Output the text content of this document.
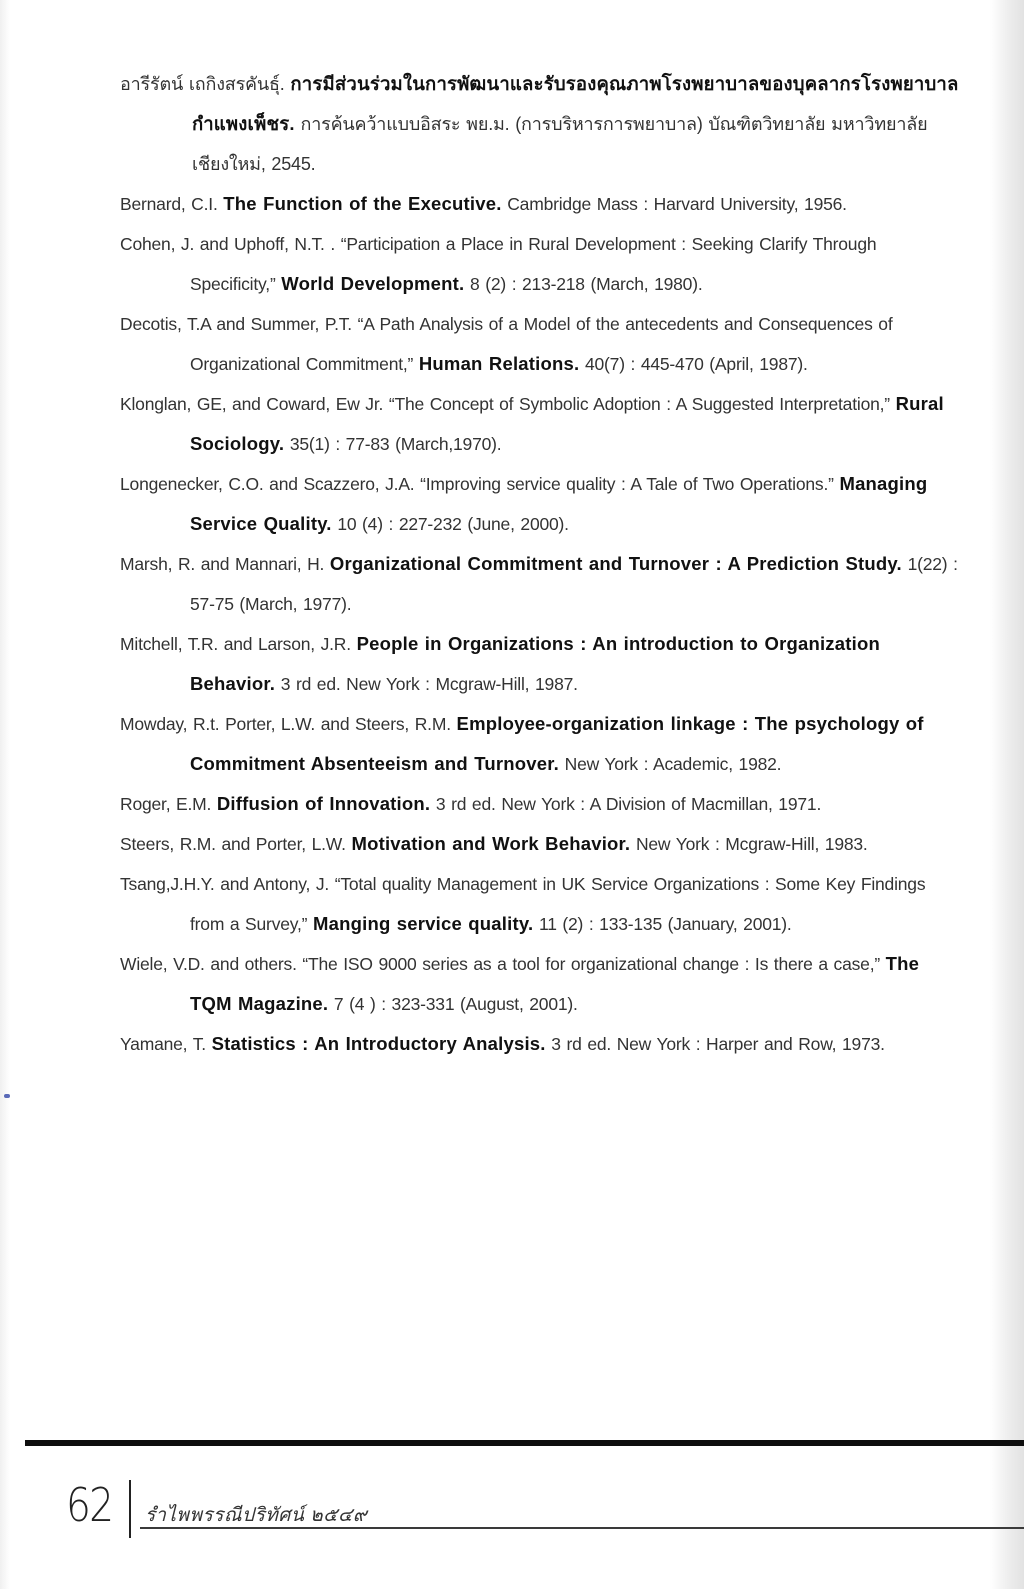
อารีรัตน์ เถกิงสรคันธุ์. การมีส่วนร่วมในการพัฒนาและรับรองคุณภาพโรงพยาบาลของบุคลากรโรงพยาบาลกำแพงเพ็ชร. การค้นคว้าแบบอิสระ พย.ม. (การบริหารการพยาบาล) บัณฑิตวิทยาลัย มหาวิทยาลัยเชียงใหม่, 2545.
Bernard, C.I. The Function of the Executive. Cambridge Mass : Harvard University, 1956.
Cohen, J. and Uphoff, N.T. . “Participation a Place in Rural Development : Seeking Clarify Through Specificity,” World Development. 8 (2) : 213-218 (March, 1980).
Decotis, T.A and Summer, P.T. “A Path Analysis of a Model of the antecedents and Consequences of Organizational Commitment,” Human Relations. 40(7) : 445-470 (April, 1987).
Klonglan, GE, and Coward, Ew Jr. “The Concept of Symbolic Adoption : A Suggested Interpretation,” Rural Sociology. 35(1) : 77-83 (March,1970).
Longenecker, C.O. and Scazzero, J.A. “Improving service quality : A Tale of Two Operations.” Managing Service Quality. 10 (4) : 227-232 (June, 2000).
Marsh, R. and Mannari, H. Organizational Commitment and Turnover : A Prediction Study. 1(22) : 57-75 (March, 1977).
Mitchell, T.R. and Larson, J.R. People in Organizations : An introduction to Organization Behavior. 3 rd ed. New York : Mcgraw-Hill, 1987.
Mowday, R.t. Porter, L.W. and Steers, R.M. Employee-organization linkage : The psychology of Commitment Absenteeism and Turnover. New York : Academic, 1982.
Roger, E.M. Diffusion of Innovation. 3 rd ed. New York : A Division of Macmillan, 1971.
Steers, R.M. and Porter, L.W. Motivation and Work Behavior. New York : Mcgraw-Hill, 1983.
Tsang,J.H.Y. and Antony, J. “Total quality Management in UK Service Organizations : Some Key Findings from a Survey,” Manging service quality. 11 (2) : 133-135 (January, 2001).
Wiele, V.D. and others. “The ISO 9000 series as a tool for organizational change : Is there a case,” The TQM Magazine. 7 (4 ) : 323-331 (August, 2001).
Yamane, T. Statistics : An Introductory Analysis. 3 rd ed. New York : Harper and Row, 1973.
62 รำไพพรรณีปริทัศน์ ๒๕๔๙
